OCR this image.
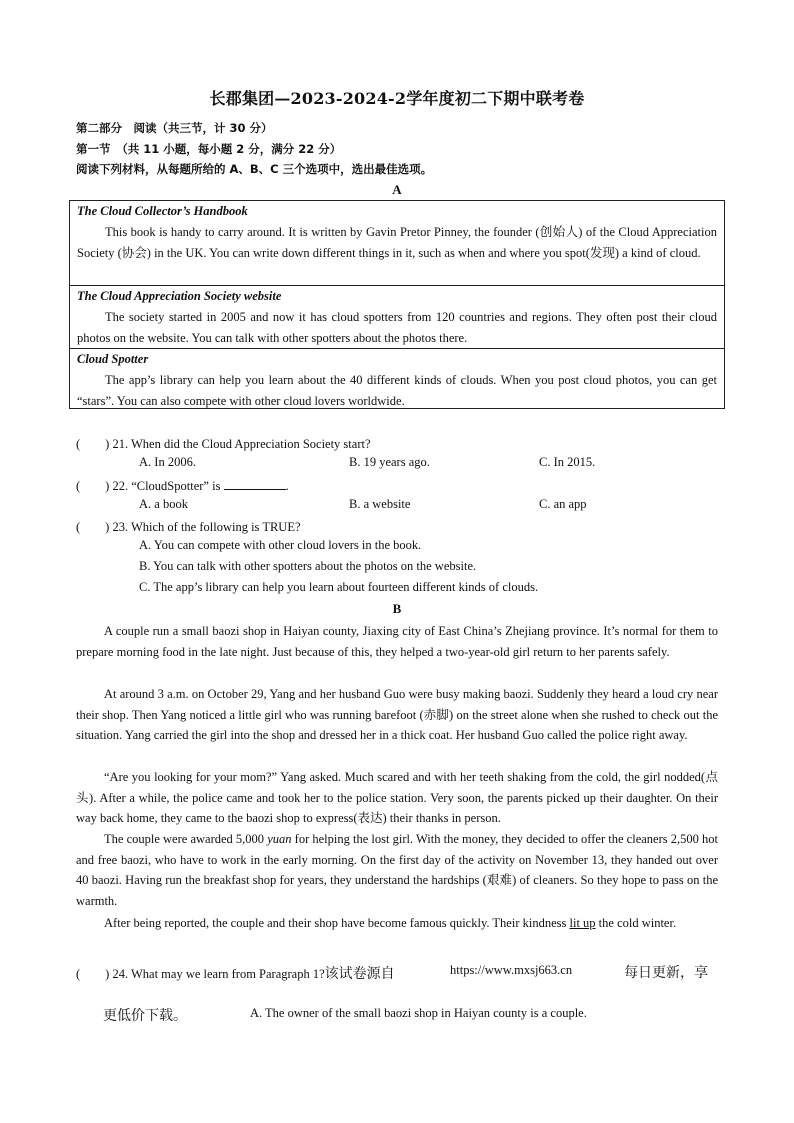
长郡集团—2023-2024-2学年度初二下期中联考卷
第二部分　阅读（共三节，计 30 分）
第一节　（共 11 小题，每小题 2 分，满分 22 分）
阅读下列材料，从每题所给的 A、B、C 三个选项中，选出最佳选项。
A
The Cloud Collector’s Handbook
This book is handy to carry around. It is written by Gavin Pretor Pinney, the founder (创始人) of the Cloud Appreciation Society (协会) in the UK. You can write down different things in it, such as when and where you spot(发现) a kind of cloud.
The Cloud Appreciation Society website
The society started in 2005 and now it has cloud spotters from 120 countries and regions. They often post their cloud photos on the website. You can talk with other spotters about the photos there.
Cloud Spotter
The app’s library can help you learn about the 40 different kinds of clouds. When you post cloud photos, you can get “stars”. You can also compete with other cloud lovers worldwide.
(　　) 21. When did the Cloud Appreciation Society start?
A. In 2006.	B. 19 years ago.	C. In 2015.
(　　) 22. “CloudSpotter” is	.
A. a book	B. a website	C. an app
(　　) 23. Which of the following is TRUE?
A. You can compete with other cloud lovers in the book.
B. You can talk with other spotters about the photos on the website.
C. The app’s library can help you learn about fourteen different kinds of clouds.
B
A couple run a small baozi shop in Haiyan county, Jiaxing city of East China’s Zhejiang province. It’s normal for them to prepare morning food in the late night. Just because of this, they helped a two-year-old girl return to her parents safely.
At around 3 a.m. on October 29, Yang and her husband Guo were busy making baozi. Suddenly they heard a loud cry near their shop. Then Yang noticed a little girl who was running barefoot (赤脚) on the street alone when she rushed to check out the situation. Yang carried the girl into the shop and dressed her in a thick coat. Her husband Guo called the police right away.
“Are you looking for your mom?” Yang asked. Much scared and with her teeth shaking from the cold, the girl nodded(点头). After a while, the police came and took her to the police station. Very soon, the parents picked up their daughter. On their way back home, they came to the baozi shop to express(表达) their thanks in person.
The couple were awarded 5,000 yuan for helping the lost girl. With the money, they decided to offer the cleaners 2,500 hot and free baozi, who have to work in the early morning. On the first day of the activity on November 13, they handed out over 40 baozi. Having run the breakfast shop for years, they understand the hardships (艰难) of cleaners. So they hope to pass on the warmth.
After being reported, the couple and their shop have become famous quickly. Their kindness lit up the cold winter.
(　　) 24. What may we learn from Paragraph 1?该试卷源自	https://www.mxsj663.cn	每日更新，享
更低价下载。	A. The owner of the small baozi shop in Haiyan county is a couple.
